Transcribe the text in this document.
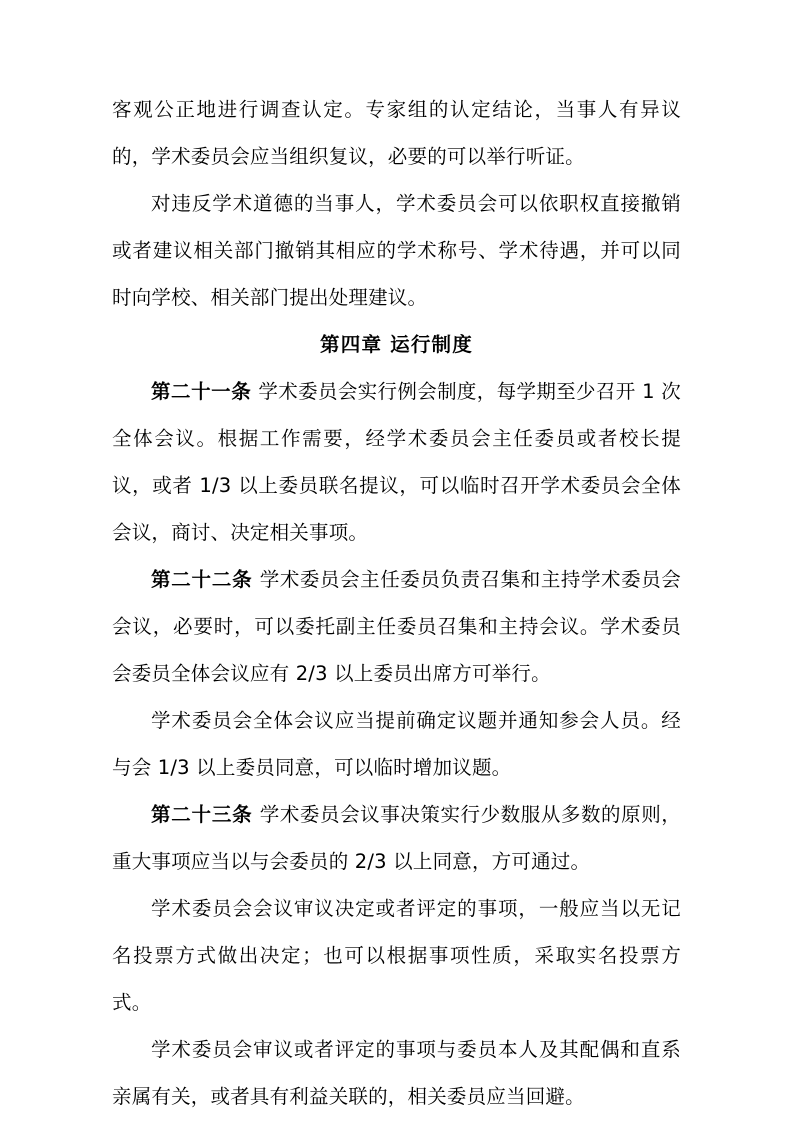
客观公正地进行调查认定。专家组的认定结论，当事人有异议的，学术委员会应当组织复议，必要的可以举行听证。

对违反学术道德的当事人，学术委员会可以依职权直接撤销或者建议相关部门撤销其相应的学术称号、学术待遇，并可以同时向学校、相关部门提出处理建议。

第四章 运行制度

第二十一条 学术委员会实行例会制度，每学期至少召开 1 次全体会议。根据工作需要，经学术委员会主任委员或者校长提议，或者 1/3 以上委员联名提议，可以临时召开学术委员会全体会议，商讨、决定相关事项。

第二十二条 学术委员会主任委员负责召集和主持学术委员会会议，必要时，可以委托副主任委员召集和主持会议。学术委员会委员全体会议应有 2/3 以上委员出席方可举行。

学术委员会全体会议应当提前确定议题并通知参会人员。经与会 1/3 以上委员同意，可以临时增加议题。

第二十三条 学术委员会议事决策实行少数服从多数的原则，重大事项应当以与会委员的 2/3 以上同意，方可通过。

学术委员会会议审议决定或者评定的事项，一般应当以无记名投票方式做出决定；也可以根据事项性质，采取实名投票方式。

学术委员会审议或者评定的事项与委员本人及其配偶和直系亲属有关，或者具有利益关联的，相关委员应当回避。
